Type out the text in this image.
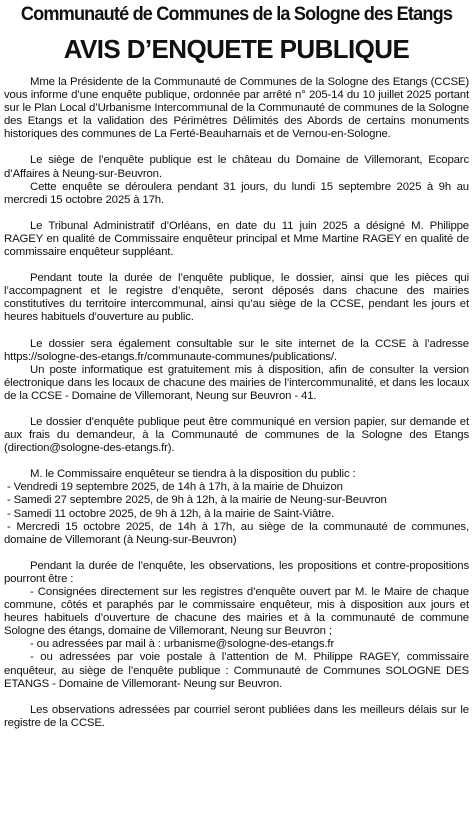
Communauté de Communes de la Sologne des Etangs
AVIS D’ENQUETE PUBLIQUE

Mme la Présidente de la Communauté de Communes de la Sologne des Etangs (CCSE) vous informe d’une enquête publique, ordonnée par arrêté n° 205-14 du 10 juillet 2025 portant sur le Plan Local d’Urbanisme Intercommunal de la Communauté de communes de la Sologne des Etangs et la validation des Périmètres Délimités des Abords de certains monuments historiques des communes de La Ferté-Beauharnais et de Vernou-en-Sologne.

Le siège de l’enquête publique est le château du Domaine de Villemorant, Ecoparc d’Affaires à Neung-sur-Beuvron.

Cette enquête se déroulera pendant 31 jours, du lundi 15 septembre 2025 à 9h au mercredi 15 octobre 2025 à 17h.

Le Tribunal Administratif d’Orléans, en date du 11 juin 2025 a désigné M. Philippe RAGEY en qualité de Commissaire enquêteur principal et Mme Martine RAGEY en qualité de commissaire enquêteur suppléant.

Pendant toute la durée de l’enquête publique, le dossier, ainsi que les pièces qui l’accompagnent et le registre d’enquête, seront déposés dans chacune des mairies constitutives du territoire intercommunal, ainsi qu’au siège de la CCSE, pendant les jours et heures habituels d’ouverture au public.

Le dossier sera également consultable sur le site internet de la CCSE à l’adresse https://sologne-des-etangs.fr/communaute-communes/publications/.

Un poste informatique est gratuitement mis à disposition, afin de consulter la version électronique dans les locaux de chacune des mairies de l’intercommunalité, et dans les locaux de la CCSE - Domaine de Villemorant, Neung sur Beuvron - 41.

Le dossier d’enquête publique peut être communiqué en version papier, sur demande et aux frais du demandeur, à la Communauté de communes de la Sologne des Etangs (direction@sologne-des-etangs.fr).

M. le Commissaire enquêteur se tiendra à la disposition du public :

- Vendredi 19 septembre 2025, de 14h à 17h, à la mairie de Dhuizon
- Samedi 27 septembre 2025, de 9h à 12h, à la mairie de Neung-sur-Beuvron
- Samedi 11 octobre 2025, de 9h à 12h, à la mairie de Saint-Viâtre.
- Mercredi 15 octobre 2025, de 14h à 17h, au siège de la communauté de communes, domaine de Villemorant (à Neung-sur-Beuvron)

Pendant la durée de l’enquête, les observations, les propositions et contre-propositions pourront être :

- Consignées directement sur les registres d’enquête ouvert par M. le Maire de chaque commune, côtés et paraphés par le commissaire enquêteur, mis à disposition aux jours et heures habituels d’ouverture de chacune des mairies et à la communauté de commune Sologne des étangs, domaine de Villemorant, Neung sur Beuvron ;
- ou adressées par mail à : urbanisme@sologne-des-etangs.fr
- ou adressées par voie postale à l’attention de M. Philippe RAGEY, commissaire enquêteur, au siège de l’enquête publique : Communauté de Communes SOLOGNE DES ETANGS - Domaine de Villemorant- Neung sur Beuvron.

Les observations adressées par courriel seront publiées dans les meilleurs délais sur le registre de la CCSE.
